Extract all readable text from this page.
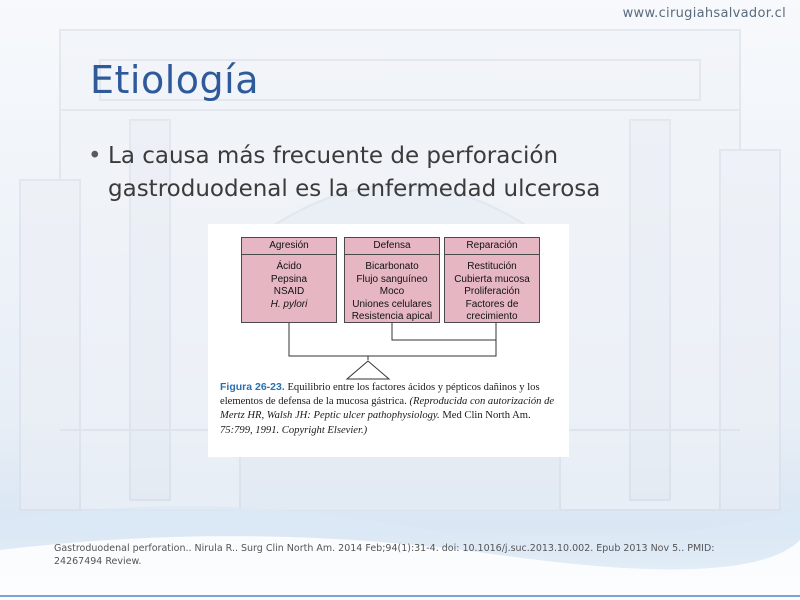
www.cirugiahsalvador.cl
Etiología
• La causa más frecuente de perforación gastroduodenal es la enfermedad ulcerosa
Agresión
Ácido
Pepsina
NSAID
H. pylori
Defensa
Bicarbonato
Flujo sanguíneo
Moco
Uniones celulares
Resistencia apical
Reparación
Restitución
Cubierta mucosa
Proliferación
Factores de
crecimiento
Figura 26-23. Equilibrio entre los factores ácidos y pépticos dañinos y los elementos de defensa de la mucosa gástrica. (Reproducida con autorización de Mertz HR, Walsh JH: Peptic ulcer pathophysiology. Med Clin North Am. 75:799, 1991. Copyright Elsevier.)
Gastroduodenal perforation.. Nirula R.. Surg Clin North Am. 2014 Feb;94(1):31-4. doi: 10.1016/j.suc.2013.10.002. Epub 2013 Nov 5.. PMID: 24267494 Review.
